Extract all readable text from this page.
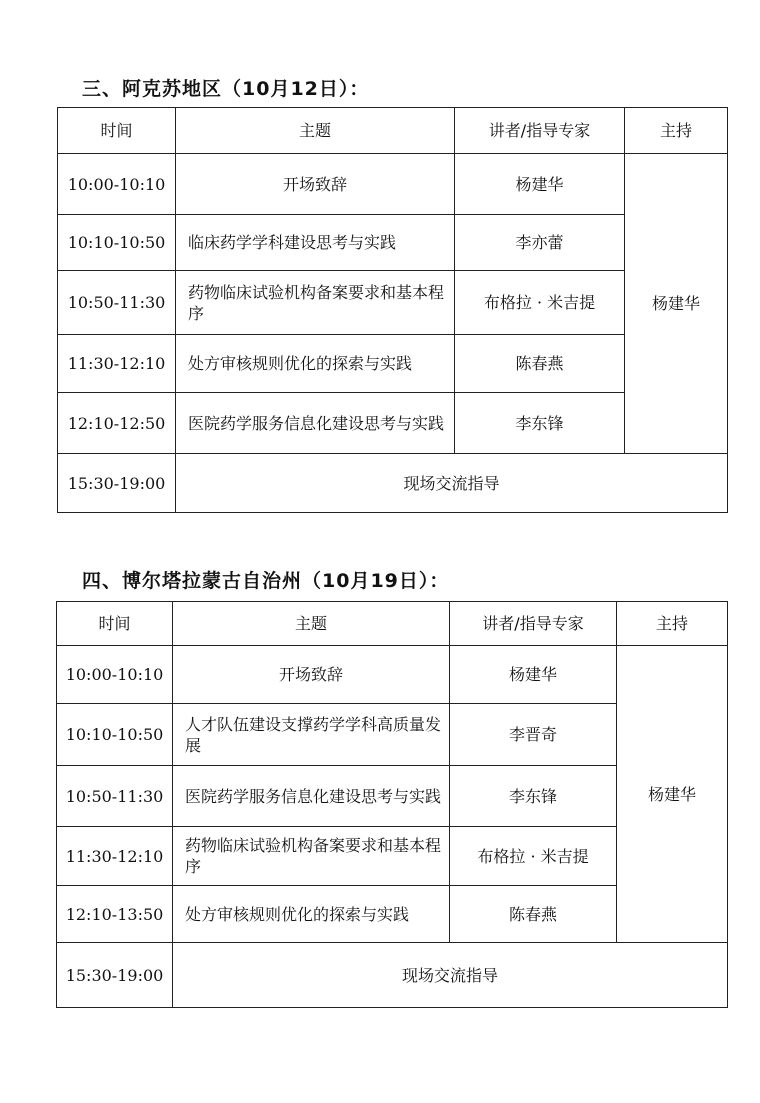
三、阿克苏地区（10月12日）：
时间	主题	讲者/指导专家	主持
10:00-10:10	开场致辞	杨建华	杨建华
10:10-10:50	临床药学学科建设思考与实践	李亦蕾	
10:50-11:30	药物临床试验机构备案要求和基本程序	布格拉 · 米吉提	
11:30-12:10	处方审核规则优化的探索与实践	陈春燕	
12:10-12:50	医院药学服务信息化建设思考与实践	李东锋	
15:30-19:00	现场交流指导		
四、博尔塔拉蒙古自治州（10月19日）：
时间	主题	讲者/指导专家	主持
10:00-10:10	开场致辞	杨建华	杨建华
10:10-10:50	人才队伍建设支撑药学学科高质量发展	李晋奇	
10:50-11:30	医院药学服务信息化建设思考与实践	李东锋	
11:30-12:10	药物临床试验机构备案要求和基本程序	布格拉 · 米吉提	
12:10-13:50	处方审核规则优化的探索与实践	陈春燕	
15:30-19:00	现场交流指导		
